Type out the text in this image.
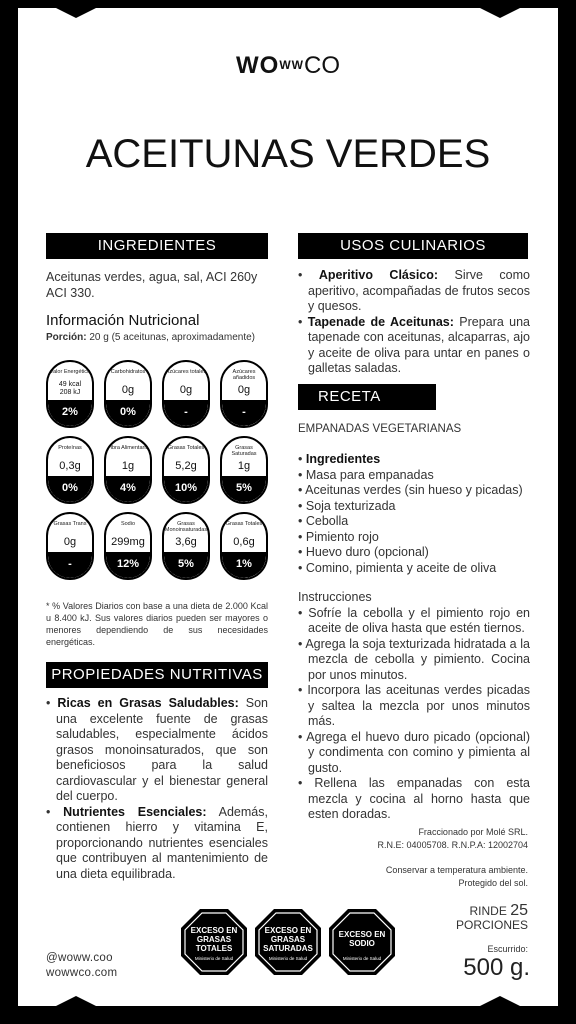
WOWWCO
ACEITUNAS VERDES
INGREDIENTES
Aceitunas verdes, agua, sal, ACI 260y ACI 330.
Información Nutricional
Porción: 20 g (5 aceitunas, aproximadamente)
Valor Energético
49 kcal
208 kJ
2%
Carbohidratos
0g
0%
Azúcares totales
0g
-
Azúcares añadidos
0g
-
Proteínas
0,3g
0%
Fibra Alimentaria
1g
4%
Grasas Totales
5,2g
10%
Grasas Saturadas
1g
5%
Grasas Trans
0g
-
Sodio
299mg
12%
Grasas Monoinsaturadas
3,6g
5%
Grasas Totales
0,6g
1%
* % Valores Diarios con base a una dieta de 2.000 Kcal u 8.400 kJ. Sus valores diarios pueden ser mayores o menores dependiendo de sus necesidades energéticas.
PROPIEDADES NUTRITIVAS
• Ricas en Grasas Saludables: Son una excelente fuente de grasas saludables, especialmente ácidos grasos monoinsaturados, que son beneficiosos para la salud cardiovascular y el bienestar general del cuerpo.
• Nutrientes Esenciales: Además, contienen hierro y vitamina E, proporcionando nutrientes esenciales que contribuyen al mantenimiento de una dieta equilibrada.
USOS CULINARIOS
• Aperitivo Clásico: Sirve como aperitivo, acompañadas de frutos secos y quesos.
• Tapenade de Aceitunas: Prepara una tapenade con aceitunas, alcaparras, ajo y aceite de oliva para untar en panes o galletas saladas.
RECETA
EMPANADAS VEGETARIANAS
• Ingredientes
• Masa para empanadas
• Aceitunas verdes (sin hueso y picadas)
• Soja texturizada
• Cebolla
• Pimiento rojo
• Huevo duro (opcional)
• Comino, pimienta y aceite de oliva
Instrucciones
• Sofríe la cebolla y el pimiento rojo en aceite de oliva hasta que estén tiernos.
• Agrega la soja texturizada hidratada a la mezcla de cebolla y pimiento. Cocina por unos minutos.
• Incorpora las aceitunas verdes picadas y saltea la mezcla por unos minutos más.
• Agrega el huevo duro picado (opcional) y condimenta con comino y pimienta al gusto.
• Rellena las empanadas con esta mezcla y cocina al horno hasta que esten doradas.
Fraccionado por Molé SRL.
R.N.E: 04005708. R.N.P.A: 12002704
Conservar a temperatura ambiente.
Protegido del sol.
EXCESO EN
GRASAS
TOTALES
Ministerio de Salud
EXCESO EN
GRASAS
SATURADAS
Ministerio de Salud
EXCESO EN
SODIO
Ministerio de Salud
@woww.coo
wowwco.com
RINDE 25
PORCIONES
Escurrido:
500 g.
